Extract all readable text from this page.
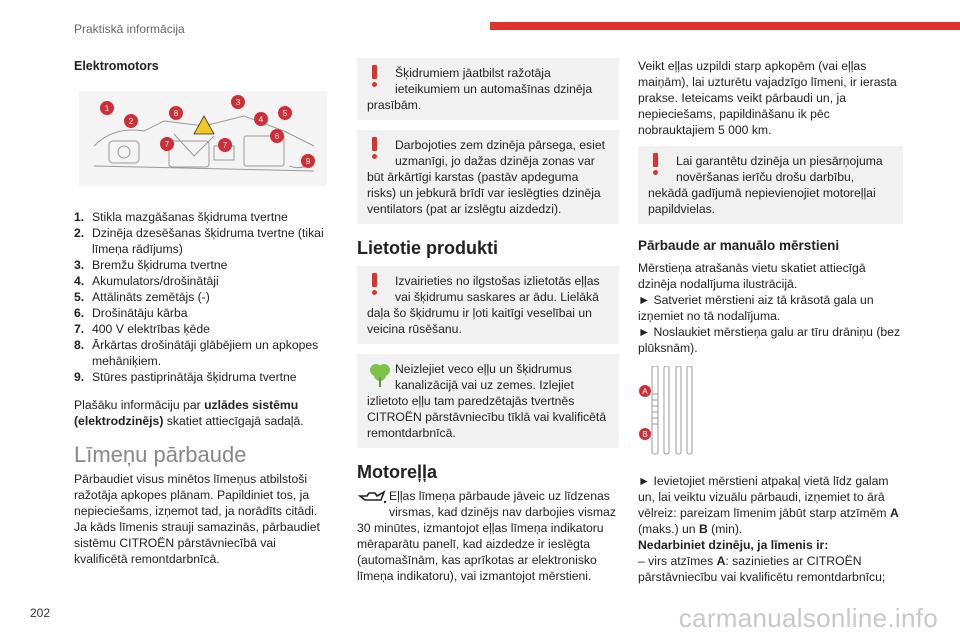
Praktiskā informācija

Elektromotors

1
2
8
3
4
5
6
7	7
9
1. Stikla mazgāšanas šķidruma tvertne
2. Dzinēja dzesēšanas šķidruma tvertne (tikai līmeņa rādījums)
3. Bremžu šķidruma tvertne
4. Akumulators/drošinātāji
5. Attālināts zemētājs (-)
6. Drošinātāju kārba
7. 400 V elektrības ķēde
8. Ārkārtas drošinātāji glābējiem un apkopes mehāniķiem.
9. Stūres pastiprinātāja šķidruma tvertne

Plašāku informāciju par uzlādes sistēmu (elektrodzinējs) skatiet attiecīgajā sadaļā.

Līmeņu pārbaude

Pārbaudiet visus minētos līmeņus atbilstoši ražotāja apkopes plānam. Papildiniet tos, ja nepieciešams, izņemot tad, ja norādīts citādi.

Ja kāds līmenis strauji samazinās, pārbaudiet sistēmu CITROËN pārstāvniecībā vai kvalificētā remontdarbnīcā.

Šķidrumiem jāatbilst ražotāja ieteikumiem un automašīnas dzinēja prasībām.

Darbojoties zem dzinēja pārsega, esiet uzmanīgi, jo dažas dzinēja zonas var būt ārkārtīgi karstas (pastāv apdeguma risks) un jebkurā brīdī var ieslēgties dzinēja ventilators (pat ar izslēgtu aizdedzi).

Lietotie produkti

Izvairieties no ilgstošas izlietotās eļļas vai šķidrumu saskares ar ādu. Lielākā daļa šo šķidrumu ir ļoti kaitīgi veselībai un veicina rūsēšanu.

Neizlejiet veco eļļu un šķidrumus kanalizācijā vai uz zemes. Izlejiet izlietoto eļļu tam paredzētajās tvertnēs CITROËN pārstāvniecību tīklā vai kvalificētā remontdarbnīcā.

Motoreļļa

Eļļas līmeņa pārbaude jāveic uz līdzenas virsmas, kad dzinējs nav darbojies vismaz 30 minūtes, izmantojot eļļas līmeņa indikatoru mēraparātu panelī, kad aizdedze ir ieslēgta (automašīnām, kas aprīkotas ar elektronisko līmeņa indikatoru), vai izmantojot mērstieni.

Veikt eļļas uzpildi starp apkopēm (vai eļļas maiņām), lai uzturētu vajadzīgo līmeni, ir ierasta prakse. Ieteicams veikt pārbaudi un, ja nepieciešams, papildināšanu ik pēc nobrauktajiem 5 000 km.

Lai garantētu dzinēja un piesārņojuma novēršanas ierīču drošu darbību, nekādā gadījumā nepievienojiet motoreļļai papildvielas.

Pārbaude ar manuālo mērstieni

Mērstieņa atrašanās vietu skatiet attiecīgā dzinēja nodalījuma ilustrācijā.

► Satveriet mērstieni aiz tā krāsotā gala un izņemiet no tā nodalījuma.

► Noslaukiet mērstieņa galu ar tīru drāniņu (bez plūksnām).

A
B

► Ievietojiet mērstieni atpakaļ vietā līdz galam un, lai veiktu vizuālu pārbaudi, izņemiet to ārā vēlreiz: pareizam līmenim jābūt starp atzīmēm A (maks.) un B (min).

Nedarbiniet dzinēju, ja līmenis ir:

– virs atzīmes A: sazinieties ar CITROËN pārstāvniecību vai kvalificētu remontdarbnīcu;

202	carmanualsonline.info
